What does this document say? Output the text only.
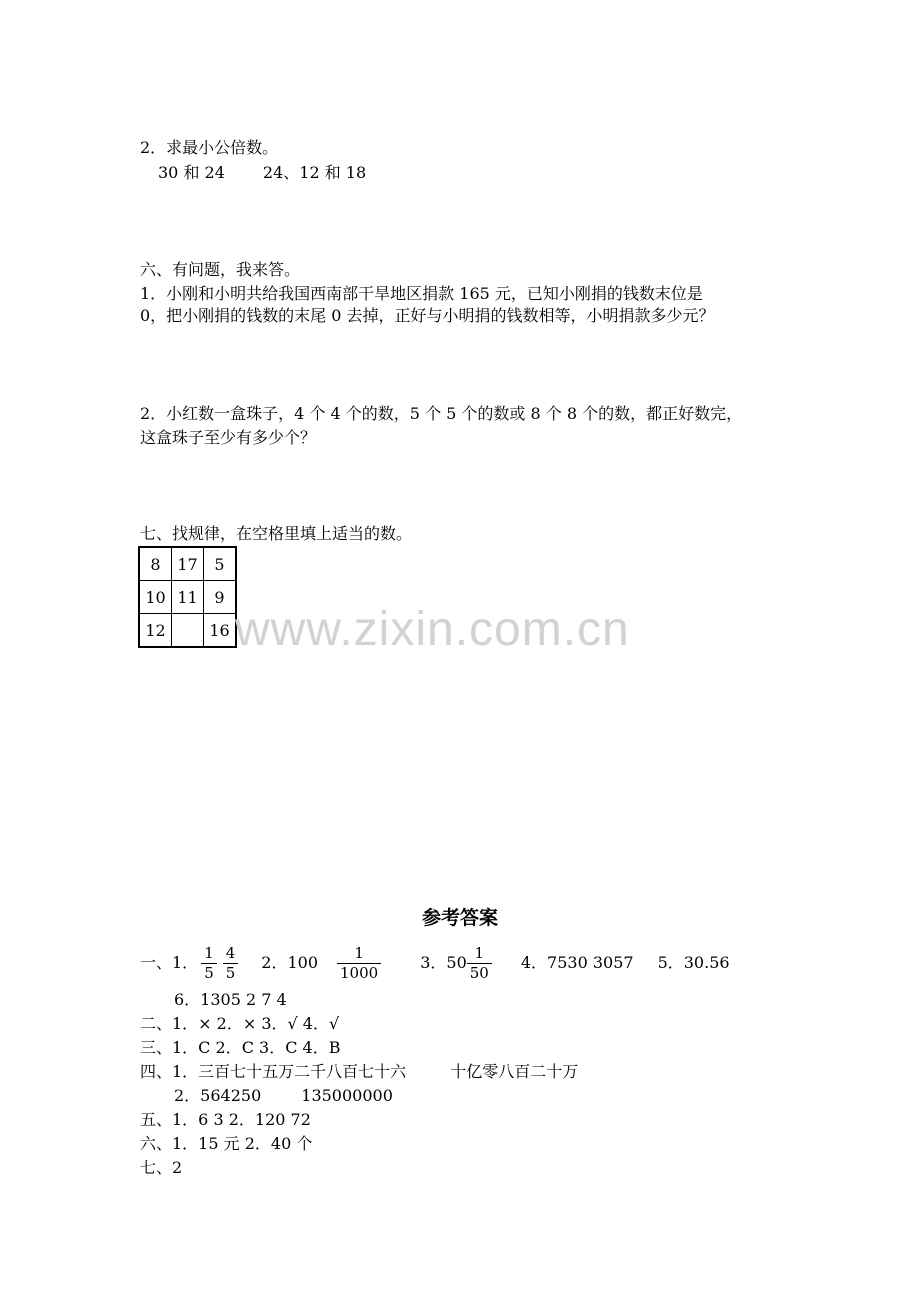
2．求最小公倍数。
30 和 24 24、12 和 18
六、有问题，我来答。
1．小刚和小明共给我国西南部干旱地区捐款 165 元，已知小刚捐的钱数末位是
0，把小刚捐的钱数的末尾 0 去掉，正好与小明捐的钱数相等，小明捐款多少元？
2．小红数一盒珠子，4 个 4 个的数，5 个 5 个的数或 8 个 8 个的数，都正好数完，
这盒珠子至少有多少个？
七、找规律，在空格里填上适当的数。
8	17	5
10	11	9
12		16 www.zixin.com.cn
参考答案
一、1． $\frac{1}{5} \frac{4}{5} 2$．$100 \frac{1}{1000} 3$．$50 \frac{1}{50} 4$．7530 3057 5．30.56
6．1305 2 7 4
二、1．× 2．× 3．√ 4．√
三、1．C 2．C 3．C 4．B
四、1．三百七十五万二千八百七十六	十亿零八百二十万
2．564250	135000000
五、1．6 3 2．120 72
六、1．15 元 2．40 个
七、2
